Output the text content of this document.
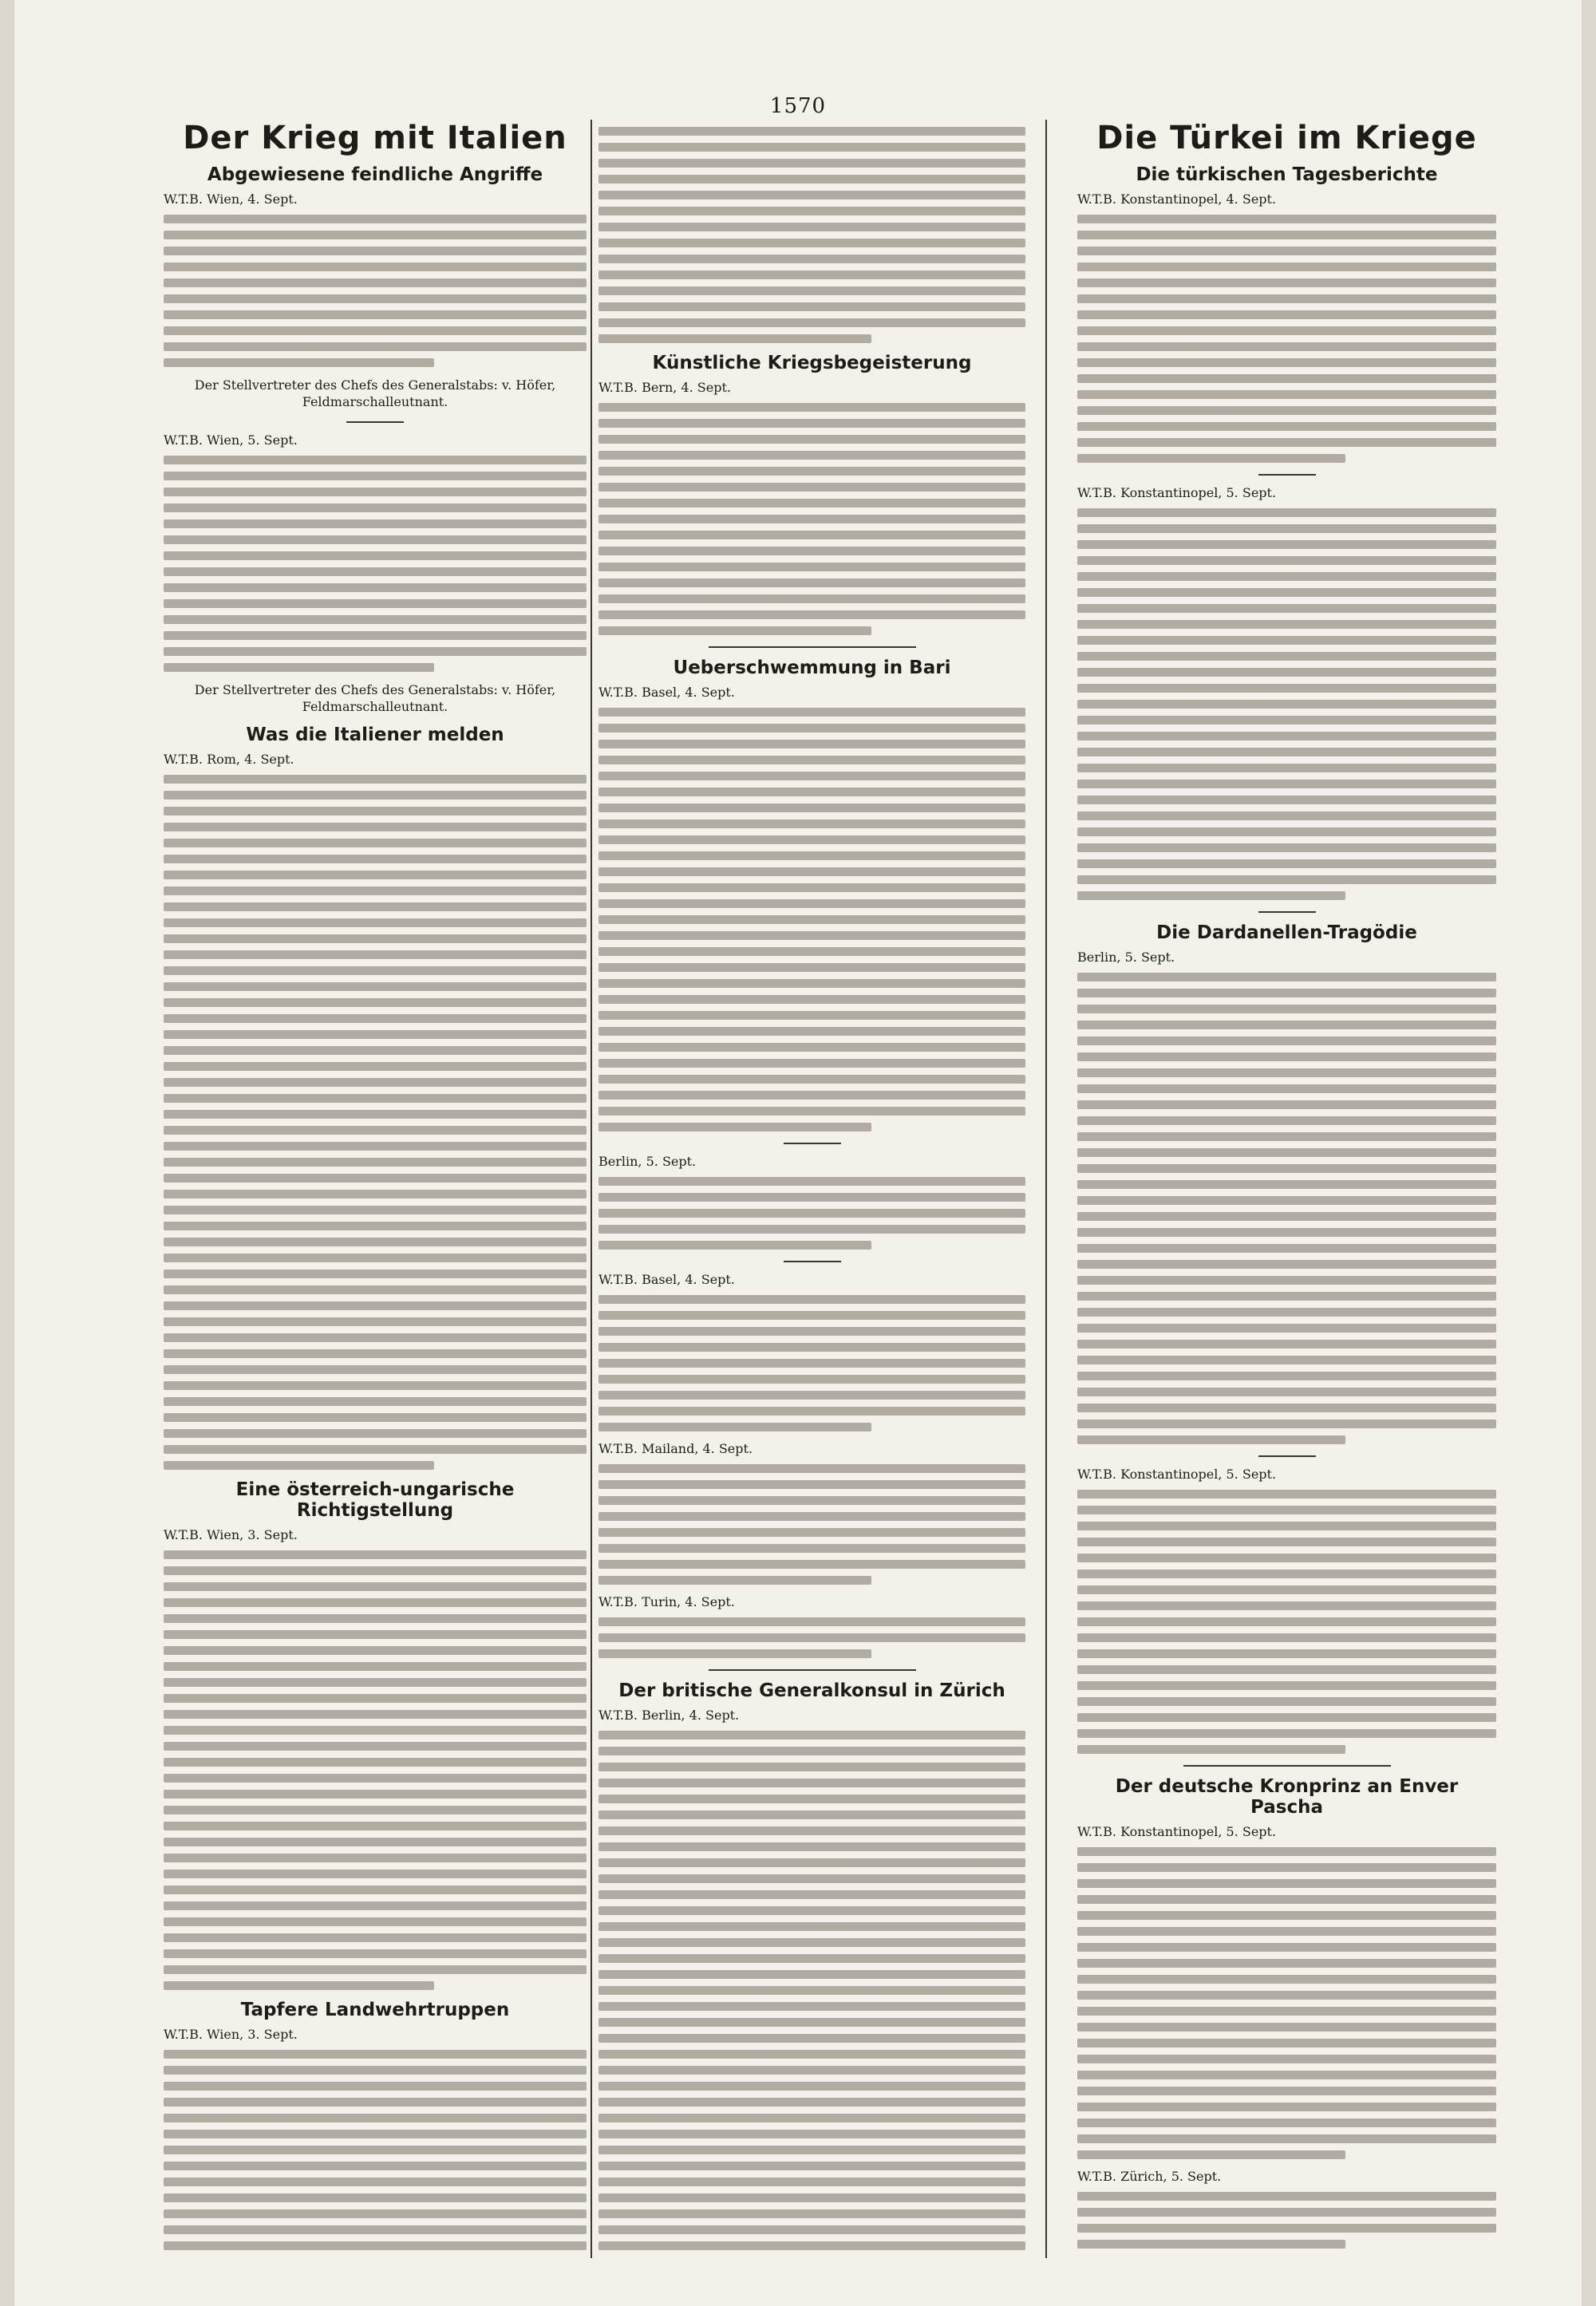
1570
Der Krieg mit Italien
Abgewiesene feindliche Angriffe
W.T.B. Wien, 4. Sept.
Der Stellvertreter des Chefs des Generalstabs: v. Höfer, Feldmarschalleutnant.
W.T.B. Wien, 5. Sept.
Der Stellvertreter des Chefs des Generalstabs: v. Höfer, Feldmarschalleutnant.
Was die Italiener melden
W.T.B. Rom, 4. Sept.
Eine österreich-ungarische Richtigstellung
W.T.B. Wien, 3. Sept.
Tapfere Landwehrtruppen
W.T.B. Wien, 3. Sept.
Künstliche Kriegsbegeisterung
W.T.B. Bern, 4. Sept.
Ueberschwemmung in Bari
W.T.B. Basel, 4. Sept.
Berlin, 5. Sept.
W.T.B. Basel, 4. Sept.
W.T.B. Mailand, 4. Sept.
W.T.B. Turin, 4. Sept.
Der britische Generalkonsul in Zürich
W.T.B. Berlin, 4. Sept.
Die Türkei im Kriege
Die türkischen Tagesberichte
W.T.B. Konstantinopel, 4. Sept.
W.T.B. Konstantinopel, 5. Sept.
Die Dardanellen-Tragödie
Berlin, 5. Sept.
W.T.B. Konstantinopel, 5. Sept.
Der deutsche Kronprinz an Enver Pascha
W.T.B. Konstantinopel, 5. Sept.
W.T.B. Zürich, 5. Sept.
